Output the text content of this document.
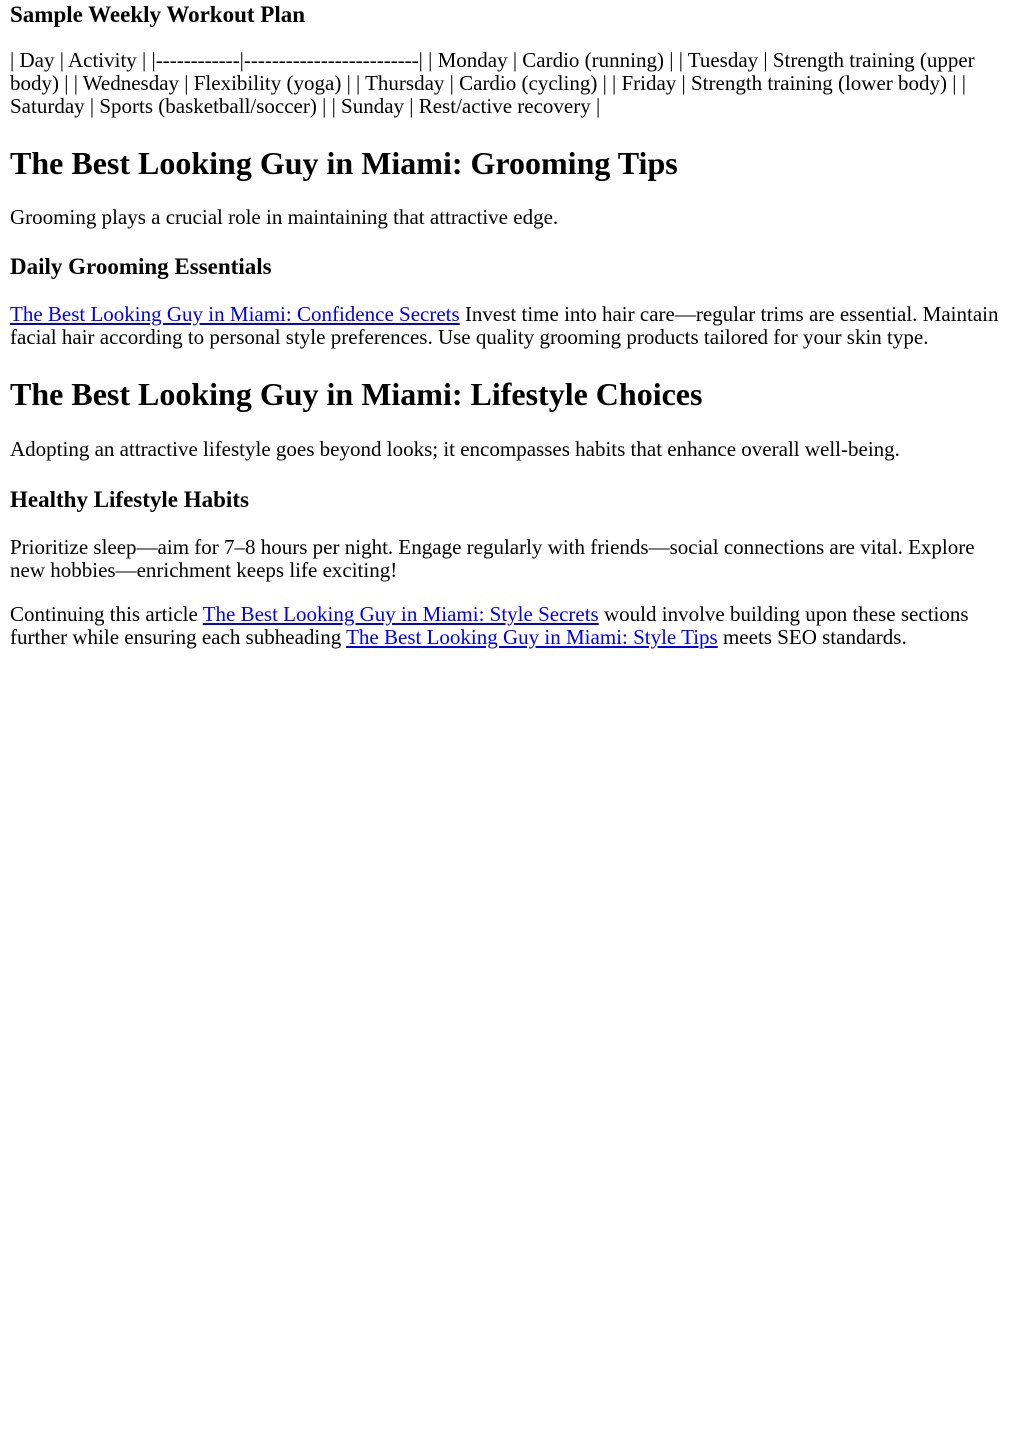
Sample Weekly Workout Plan

| Day | Activity | |------------|-------------------------| | Monday | Cardio (running) | | Tuesday | Strength training (upper body) | | Wednesday | Flexibility (yoga) | | Thursday | Cardio (cycling) | | Friday | Strength training (lower body) | | Saturday | Sports (basketball/soccer) | | Sunday | Rest/active recovery |

The Best Looking Guy in Miami: Grooming Tips

Grooming plays a crucial role in maintaining that attractive edge.

Daily Grooming Essentials

The Best Looking Guy in Miami: Confidence Secrets Invest time into hair care—regular trims are essential. Maintain facial hair according to personal style preferences. Use quality grooming products tailored for your skin type.

The Best Looking Guy in Miami: Lifestyle Choices

Adopting an attractive lifestyle goes beyond looks; it encompasses habits that enhance overall well-being.

Healthy Lifestyle Habits

Prioritize sleep—aim for 7–8 hours per night. Engage regularly with friends—social connections are vital. Explore new hobbies—enrichment keeps life exciting!

Continuing this article The Best Looking Guy in Miami: Style Secrets would involve building upon these sections further while ensuring each subheading The Best Looking Guy in Miami: Style Tips meets SEO standards.
